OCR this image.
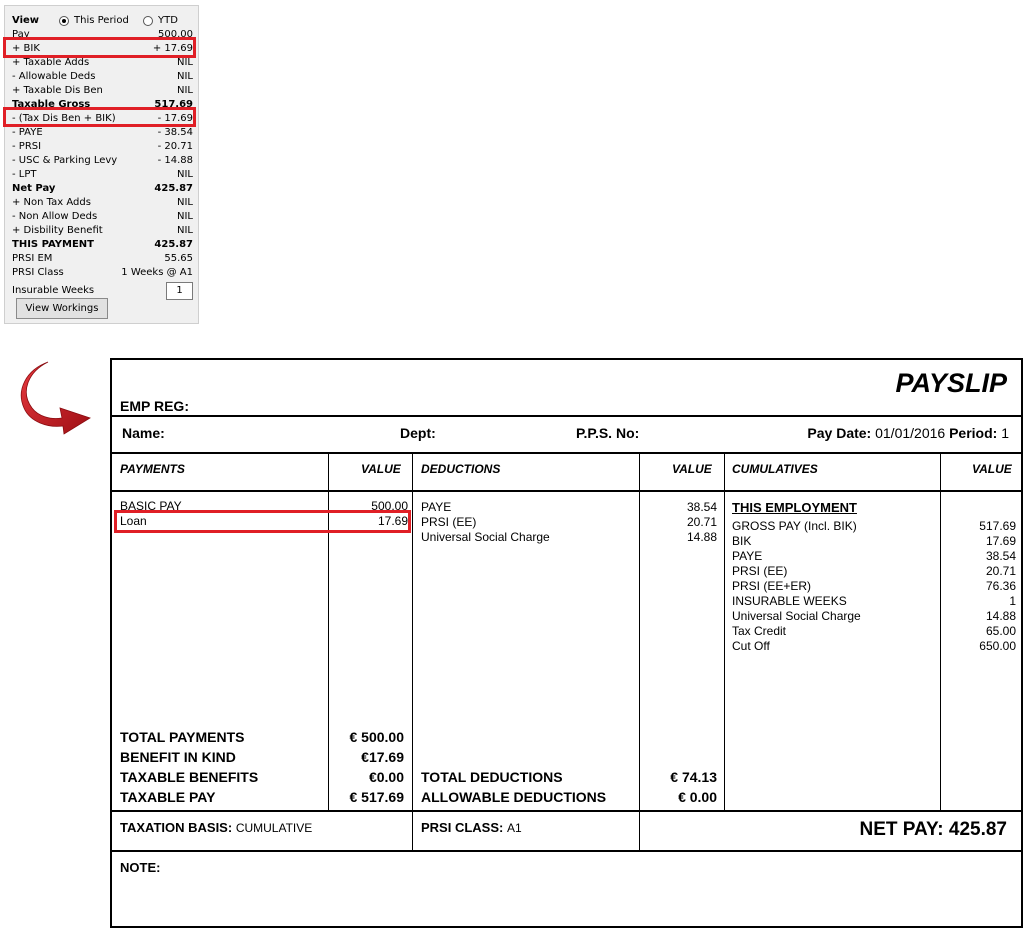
View	This Period	YTD
Pay	500.00
+ BIK	+ 17.69
+ Taxable Adds	NIL
- Allowable Deds	NIL
+ Taxable Dis Ben	NIL
Taxable Gross	517.69
- (Tax Dis Ben + BIK)	- 17.69
- PAYE	- 38.54
- PRSI	- 20.71
- USC & Parking Levy	- 14.88
- LPT	NIL
Net Pay	425.87
+ Non Tax Adds	NIL
- Non Allow Deds	NIL
+ Disbility Benefit	NIL
THIS PAYMENT	425.87
PRSI EM	55.65
PRSI Class	1 Weeks @ A1
Insurable Weeks	1
View Workings
PAYSLIP
EMP REG:
Name:	Dept:	P.P.S. No:	Pay Date: 01/01/2016 Period: 1
PAYMENTS	VALUE DEDUCTIONS	VALUE CUMULATIVES	VALUE
BASIC PAY	500.00
Loan	17.69
PAYE	38.54
PRSI (EE)	20.71
Universal Social Charge	14.88
THIS EMPLOYMENT
GROSS PAY (Incl. BIK)	517.69
BIK	17.69
PAYE	38.54
PRSI (EE)	20.71
PRSI (EE+ER)	76.36
INSURABLE WEEKS	1
Universal Social Charge	14.88
Tax Credit	65.00
Cut Off	650.00
TOTAL PAYMENTS	€ 500.00
BENEFIT IN KIND	€17.69
TAXABLE BENEFITS	€0.00
TAXABLE PAY	€ 517.69
TOTAL DEDUCTIONS	€ 74.13
ALLOWABLE DEDUCTIONS	€ 0.00
TAXATION BASIS: CUMULATIVE	PRSI CLASS: A1	NET PAY: 425.87
NOTE:
